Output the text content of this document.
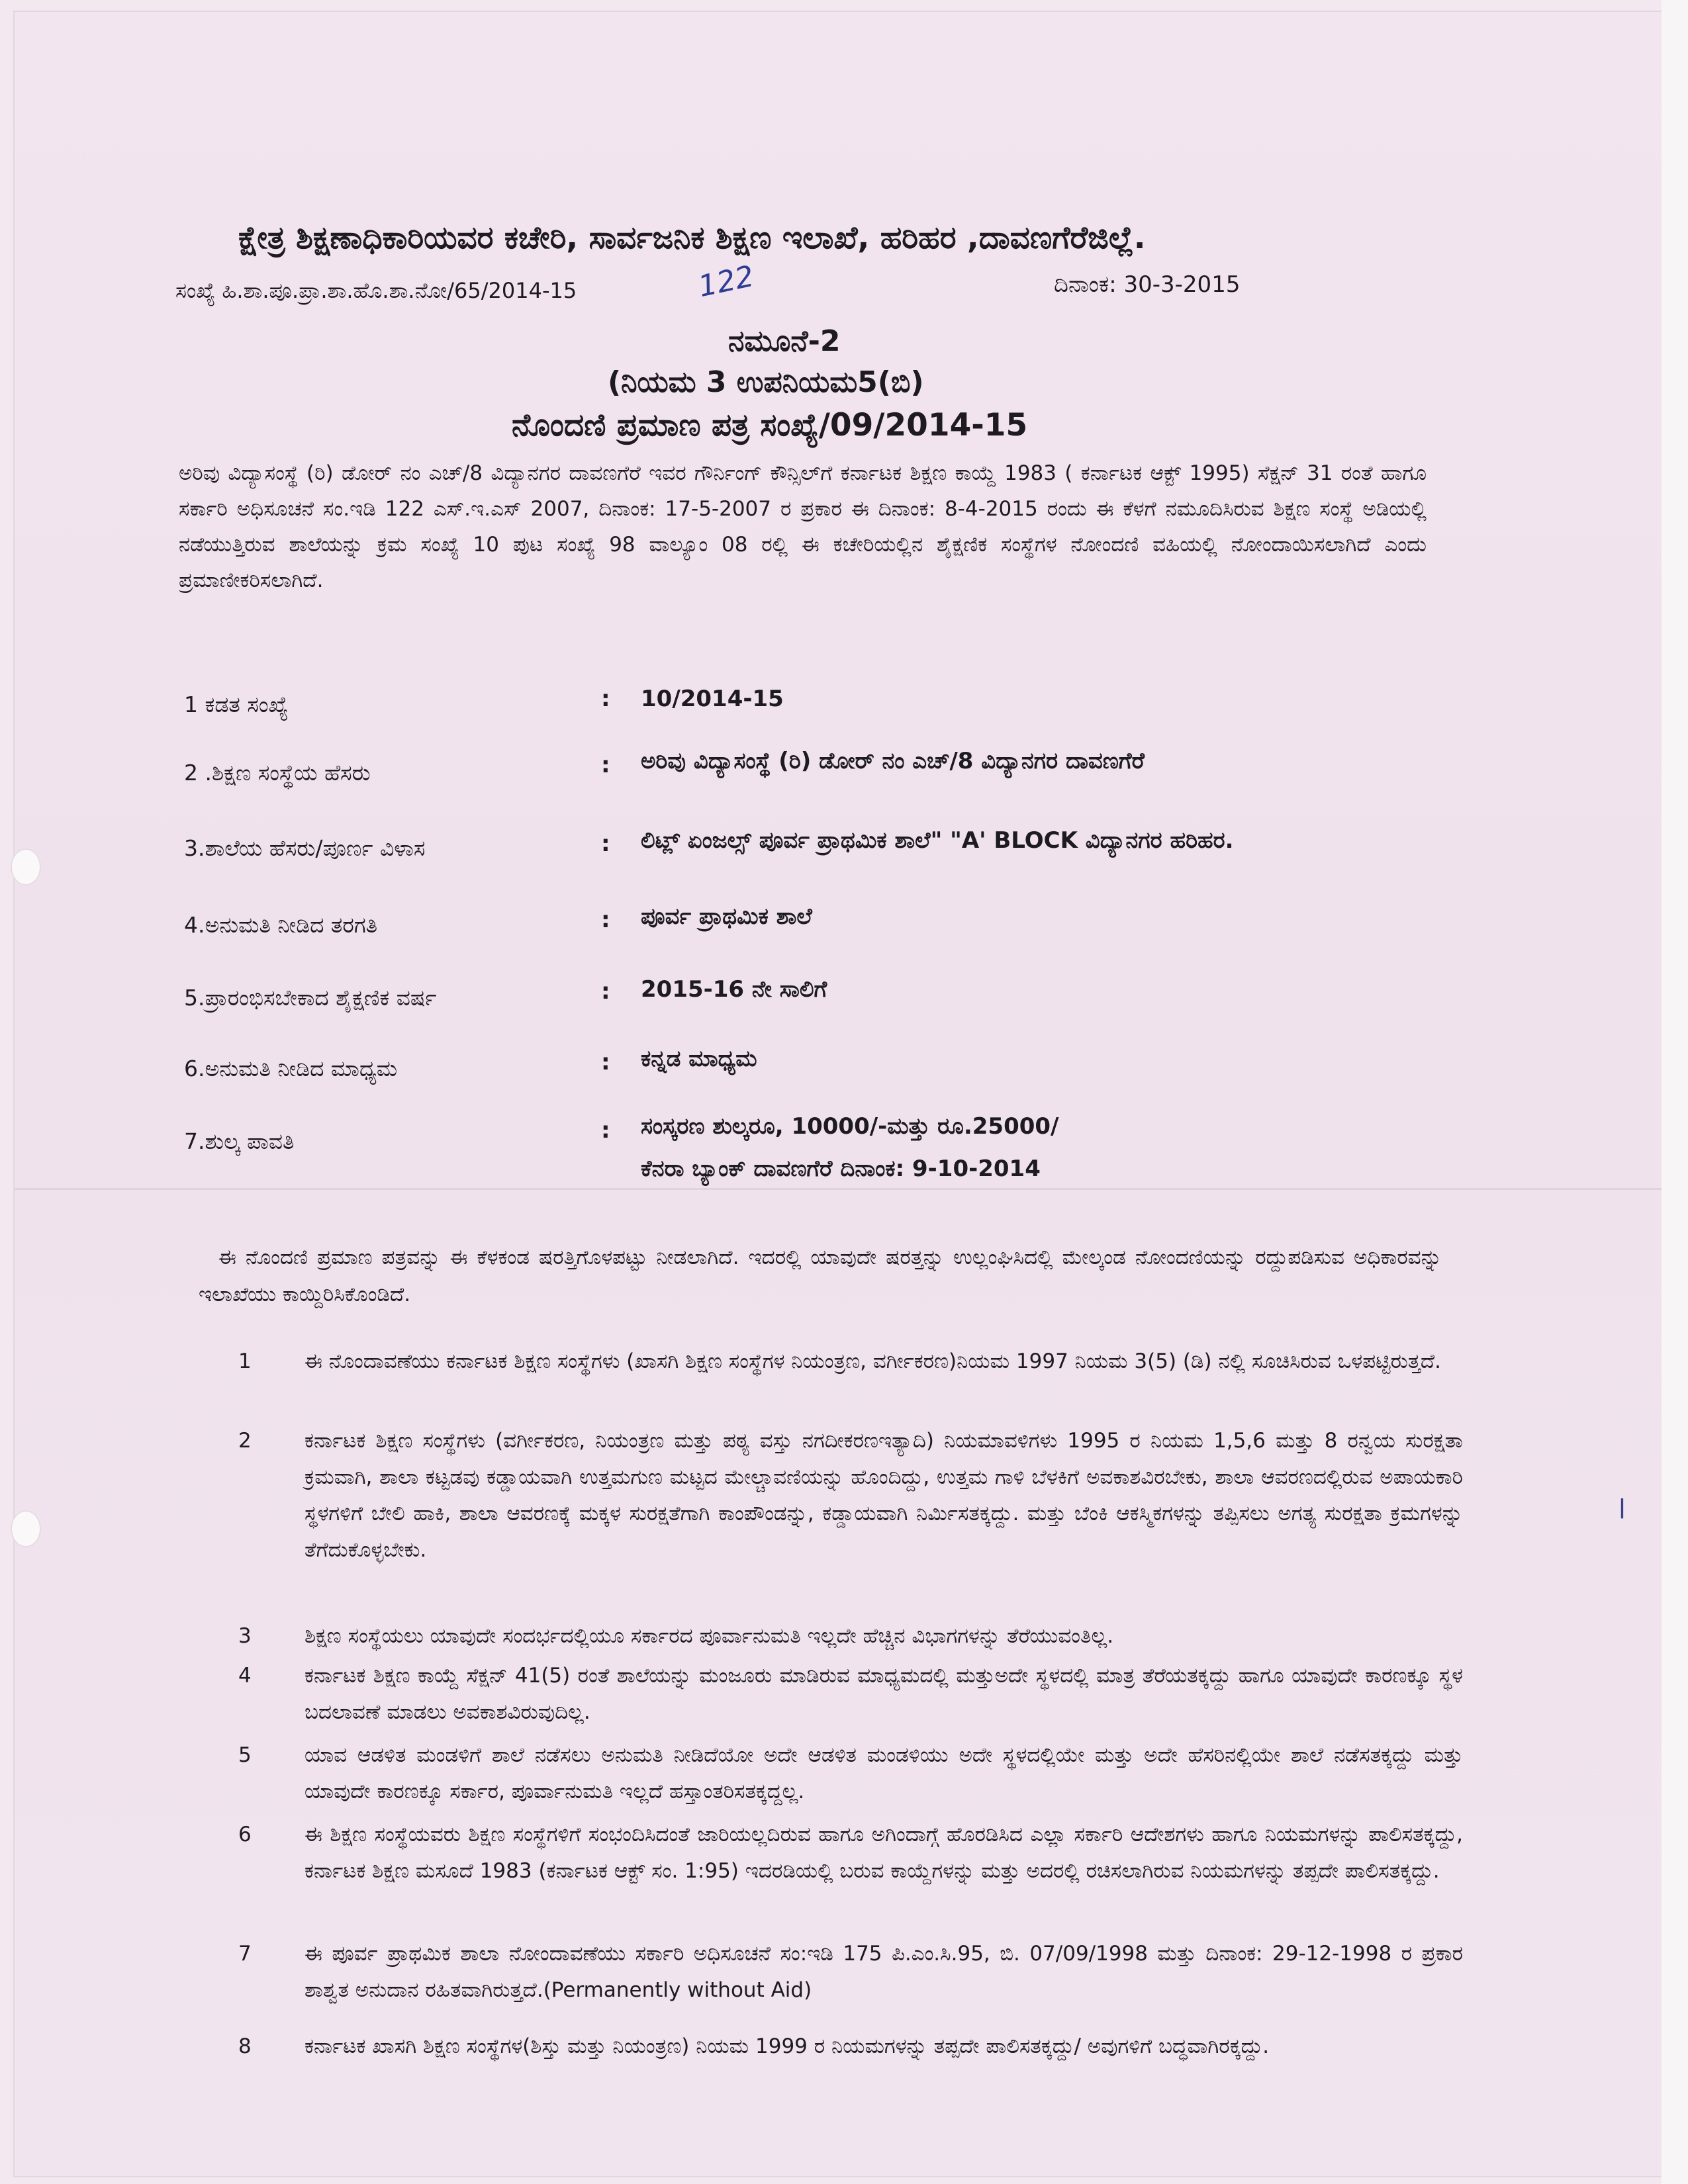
|
ಕ್ಷೇತ್ರ ಶಿಕ್ಷಣಾಧಿಕಾರಿಯವರ ಕಚೇರಿ, ಸಾರ್ವಜನಿಕ ಶಿಕ್ಷಣ ಇಲಾಖೆ, ಹರಿಹರ ,ದಾವಣಗೆರೆಜಿಲ್ಲೆ.
ಸಂಖ್ಯೆ ಹಿ.ಶಾ.ಪೂ.ಪ್ರಾ.ಶಾ.ಹೊ.ಶಾ.ನೋ/65/2014-15	122	ದಿನಾಂಕ: 30-3-2015
ನಮೂನೆ-2
(ನಿಯಮ 3 ಉಪನಿಯಮ5(ಬಿ)
ನೊಂದಣಿ ಪ್ರಮಾಣ ಪತ್ರ ಸಂಖ್ಯೆ/09/2014-15
ಅರಿವು ವಿದ್ಯಾಸಂಸ್ಥೆ (ರಿ) ಡೋರ್ ನಂ ಎಚ್/8 ವಿದ್ಯಾನಗರ ದಾವಣಗೆರೆ ಇವರ ಗೌರ್ನಿಂಗ್ ಕೌನ್ಸಿಲ್‌ಗೆ ಕರ್ನಾಟಕ ಶಿಕ್ಷಣ ಕಾಯ್ದೆ 1983 ( ಕರ್ನಾಟಕ ಆಕ್ಟ್ 1995) ಸೆಕ್ಷನ್ 31 ರಂತೆ ಹಾಗೂ ಸರ್ಕಾರಿ ಅಧಿಸೂಚನೆ ಸಂ.ಇಡಿ 122 ಎಸ್.ಇ.ಎಸ್ 2007, ದಿನಾಂಕ: 17-5-2007 ರ ಪ್ರಕಾರ ಈ ದಿನಾಂಕ: 8-4-2015 ರಂದು ಈ ಕೆಳಗೆ ನಮೂದಿಸಿರುವ ಶಿಕ್ಷಣ ಸಂಸ್ಥೆ ಅಡಿಯಲ್ಲಿ ನಡೆಯುತ್ತಿರುವ ಶಾಲೆಯನ್ನು ಕ್ರಮ ಸಂಖ್ಯೆ 10 ಪುಟ ಸಂಖ್ಯೆ 98 ವಾಲ್ಯೂಂ 08 ರಲ್ಲಿ ಈ ಕಚೇರಿಯಲ್ಲಿನ ಶೈಕ್ಷಣಿಕ ಸಂಸ್ಥೆಗಳ ನೋಂದಣಿ ವಹಿಯಲ್ಲಿ ನೋಂದಾಯಿಸಲಾಗಿದೆ ಎಂದು ಪ್ರಮಾಣೀಕರಿಸಲಾಗಿದೆ.
1 ಕಡತ ಸಂಖ್ಯೆ	: 10/2014-15
2 .ಶಿಕ್ಷಣ ಸಂಸ್ಥೆಯ ಹೆಸರು	: ಅರಿವು ವಿದ್ಯಾಸಂಸ್ಥೆ (ರಿ) ಡೋರ್ ನಂ ಎಚ್/8 ವಿದ್ಯಾನಗರ ದಾವಣಗೆರೆ
3.ಶಾಲೆಯ ಹೆಸರು/ಪೂರ್ಣ ವಿಳಾಸ	: ಲಿಟ್ಲ್ ಏಂಜಲ್ಸ್ ಪೂರ್ವ ಪ್ರಾಥಮಿಕ ಶಾಲೆ" "A' BLOCK ವಿದ್ಯಾನಗರ ಹರಿಹರ.
4.ಅನುಮತಿ ನೀಡಿದ ತರಗತಿ	: ಪೂರ್ವ ಪ್ರಾಥಮಿಕ ಶಾಲೆ
5.ಪ್ರಾರಂಭಿಸಬೇಕಾದ ಶೈಕ್ಷಣಿಕ ವರ್ಷ	: 2015-16 ನೇ ಸಾಲಿಗೆ
6.ಅನುಮತಿ ನೀಡಿದ ಮಾಧ್ಯಮ	: ಕನ್ನಡ ಮಾಧ್ಯಮ
7.ಶುಲ್ಕ ಪಾವತಿ	: ಸಂಸ್ಕರಣ ಶುಲ್ಕರೂ, 10000/-ಮತ್ತು ರೂ.25000/
ಕೆನರಾ ಬ್ಯಾಂಕ್ ದಾವಣಗೆರೆ ದಿನಾಂಕ: 9-10-2014
ಈ ನೊಂದಣಿ ಪ್ರಮಾಣ ಪತ್ರವನ್ನು ಈ ಕೆಳಕಂಡ ಷರತ್ತಿಗೊಳಪಟ್ಟು ನೀಡಲಾಗಿದೆ. ಇದರಲ್ಲಿ ಯಾವುದೇ ಷರತ್ತನ್ನು ಉಲ್ಲಂಘಿಸಿದಲ್ಲಿ ಮೇಲ್ಕಂಡ ನೋಂದಣಿಯನ್ನು ರದ್ದುಪಡಿಸುವ ಅಧಿಕಾರವನ್ನು ಇಲಾಖೆಯು ಕಾಯ್ದಿರಿಸಿಕೊಂಡಿದೆ.
1	ಈ ನೊಂದಾವಣೆಯು ಕರ್ನಾಟಕ ಶಿಕ್ಷಣ ಸಂಸ್ಥೆಗಳು (ಖಾಸಗಿ ಶಿಕ್ಷಣ ಸಂಸ್ಥೆಗಳ ನಿಯಂತ್ರಣ, ವರ್ಗೀಕರಣ)ನಿಯಮ 1997 ನಿಯಮ 3(5) (ಡಿ) ನಲ್ಲಿ ಸೂಚಿಸಿರುವ ಒಳಪಟ್ಟಿರುತ್ತದೆ.
2	ಕರ್ನಾಟಕ ಶಿಕ್ಷಣ ಸಂಸ್ಥೆಗಳು (ವರ್ಗೀಕರಣ, ನಿಯಂತ್ರಣ ಮತ್ತು ಪಠ್ಯ ವಸ್ತು ನಗದೀಕರಣಇತ್ಯಾದಿ) ನಿಯಮಾವಳಿಗಳು 1995 ರ ನಿಯಮ 1,5,6 ಮತ್ತು 8 ರನ್ವಯ ಸುರಕ್ಷತಾ ಕ್ರಮವಾಗಿ, ಶಾಲಾ ಕಟ್ಟಡವು ಕಡ್ಡಾಯವಾಗಿ ಉತ್ತಮಗುಣ ಮಟ್ಟದ ಮೇಲ್ಚಾವಣಿಯನ್ನು ಹೊಂದಿದ್ದು, ಉತ್ತಮ ಗಾಳಿ ಬೆಳಕಿಗೆ ಅವಕಾಶವಿರಬೇಕು, ಶಾಲಾ ಆವರಣದಲ್ಲಿರುವ ಅಪಾಯಕಾರಿ ಸ್ಥಳಗಳಿಗೆ ಬೇಲಿ ಹಾಕಿ, ಶಾಲಾ ಆವರಣಕ್ಕೆ ಮಕ್ಕಳ ಸುರಕ್ಷತೆಗಾಗಿ ಕಾಂಪೌಂಡನ್ನು, ಕಡ್ಡಾಯವಾಗಿ ನಿರ್ಮಿಸತಕ್ಕದ್ದು. ಮತ್ತು ಬೆಂಕಿ ಆಕಸ್ಮಿಕಗಳನ್ನು ತಪ್ಪಿಸಲು ಅಗತ್ಯ ಸುರಕ್ಷತಾ ಕ್ರಮಗಳನ್ನು ತೆಗೆದುಕೊಳ್ಳಬೇಕು.
3	ಶಿಕ್ಷಣ ಸಂಸ್ಥೆಯಲು ಯಾವುದೇ ಸಂದರ್ಭದಲ್ಲಿಯೂ ಸರ್ಕಾರದ ಪೂರ್ವಾನುಮತಿ ಇಲ್ಲದೇ ಹೆಚ್ಚಿನ ವಿಭಾಗಗಳನ್ನು ತೆರೆಯುವಂತಿಲ್ಲ.
4	ಕರ್ನಾಟಕ ಶಿಕ್ಷಣ ಕಾಯ್ದೆ ಸೆಕ್ಷನ್ 41(5) ರಂತೆ ಶಾಲೆಯನ್ನು ಮಂಜೂರು ಮಾಡಿರುವ ಮಾಧ್ಯಮದಲ್ಲಿ ಮತ್ತುಅದೇ ಸ್ಥಳದಲ್ಲಿ ಮಾತ್ರ ತೆರೆಯತಕ್ಕದ್ದು ಹಾಗೂ ಯಾವುದೇ ಕಾರಣಕ್ಕೂ ಸ್ಥಳ ಬದಲಾವಣೆ ಮಾಡಲು ಅವಕಾಶವಿರುವುದಿಲ್ಲ.
5	ಯಾವ ಆಡಳಿತ ಮಂಡಳಿಗೆ ಶಾಲೆ ನಡೆಸಲು ಅನುಮತಿ ನೀಡಿದೆಯೋ ಅದೇ ಆಡಳಿತ ಮಂಡಳಿಯು ಅದೇ ಸ್ಥಳದಲ್ಲಿಯೇ ಮತ್ತು ಅದೇ ಹೆಸರಿನಲ್ಲಿಯೇ ಶಾಲೆ ನಡೆಸತಕ್ಕದ್ದು ಮತ್ತು ಯಾವುದೇ ಕಾರಣಕ್ಕೂ ಸರ್ಕಾರ, ಪೂರ್ವಾನುಮತಿ ಇಲ್ಲದೆ ಹಸ್ತಾಂತರಿಸತಕ್ಕದ್ದಲ್ಲ.
6	ಈ ಶಿಕ್ಷಣ ಸಂಸ್ಥೆಯವರು ಶಿಕ್ಷಣ ಸಂಸ್ಥೆಗಳಿಗೆ ಸಂಭಂದಿಸಿದಂತೆ ಜಾರಿಯಲ್ಲದಿರುವ ಹಾಗೂ ಅಗಿಂದಾಗ್ಗೆ ಹೊರಡಿಸಿದ ಎಲ್ಲಾ ಸರ್ಕಾರಿ ಆದೇಶಗಳು ಹಾಗೂ ನಿಯಮಗಳನ್ನು ಪಾಲಿಸತಕ್ಕದ್ದು, ಕರ್ನಾಟಕ ಶಿಕ್ಷಣ ಮಸೂದೆ 1983 (ಕರ್ನಾಟಕ ಆಕ್ಟ್ ಸಂ. 1:95) ಇದರಡಿಯಲ್ಲಿ ಬರುವ ಕಾಯ್ದೆಗಳನ್ನು ಮತ್ತು ಅದರಲ್ಲಿ ರಚಿಸಲಾಗಿರುವ ನಿಯಮಗಳನ್ನು ತಪ್ಪದೇ ಪಾಲಿಸತಕ್ಕದ್ದು.
7	ಈ ಪೂರ್ವ ಪ್ರಾಥಮಿಕ ಶಾಲಾ ನೋಂದಾವಣೆಯು ಸರ್ಕಾರಿ ಅಧಿಸೂಚನೆ ಸಂ:ಇಡಿ 175 ಪಿ.ಎಂ.ಸಿ.95, ಬಿ. 07/09/1998 ಮತ್ತು ದಿನಾಂಕ: 29-12-1998 ರ ಪ್ರಕಾರ ಶಾಶ್ವತ ಅನುದಾನ ರಹಿತವಾಗಿರುತ್ತದೆ.(Permanently without Aid)
8	ಕರ್ನಾಟಕ ಖಾಸಗಿ ಶಿಕ್ಷಣ ಸಂಸ್ಥೆಗಳ(ಶಿಸ್ತು ಮತ್ತು ನಿಯಂತ್ರಣ) ನಿಯಮ 1999 ರ ನಿಯಮಗಳನ್ನು ತಪ್ಪದೇ ಪಾಲಿಸತಕ್ಕದ್ದು/ ಅವುಗಳಿಗೆ ಬದ್ಧವಾಗಿರಕ್ಕದ್ದು.
